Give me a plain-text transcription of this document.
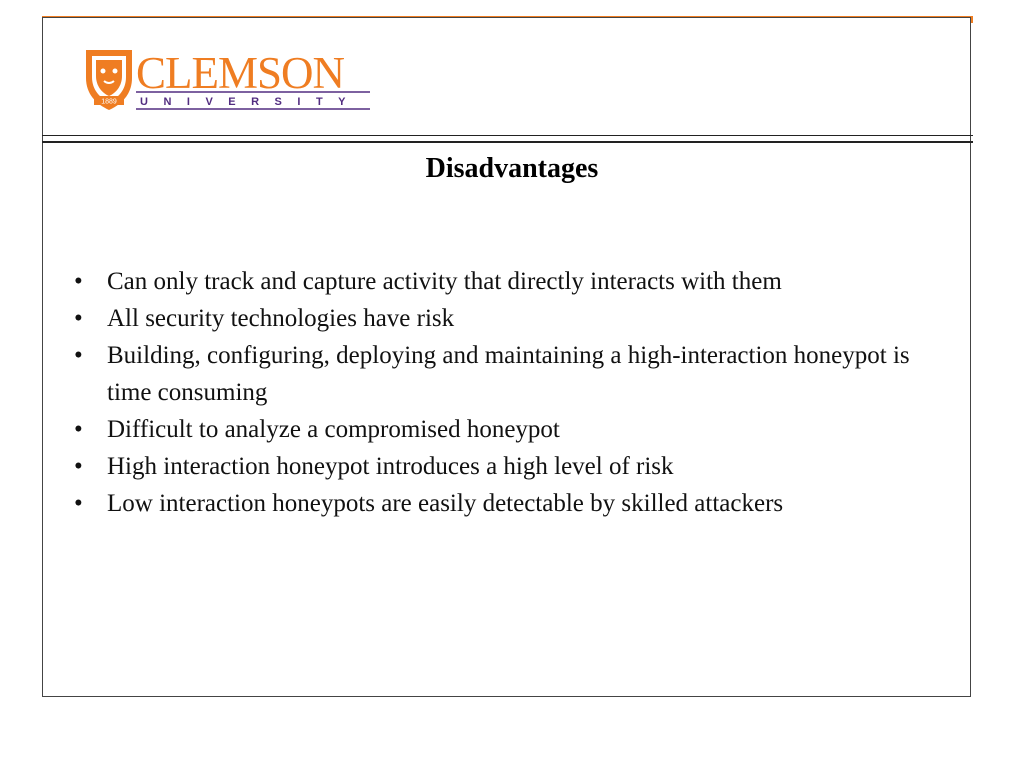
1889
CLEMSON
UNIVERSITY
Disadvantages
• Can only track and capture activity that directly interacts with them
• All security technologies have risk
• Building, configuring, deploying and maintaining a high-interaction honeypot is time consuming
• Difficult to analyze a compromised honeypot
• High interaction honeypot introduces a high level of risk
• Low interaction honeypots are easily detectable by skilled attackers
